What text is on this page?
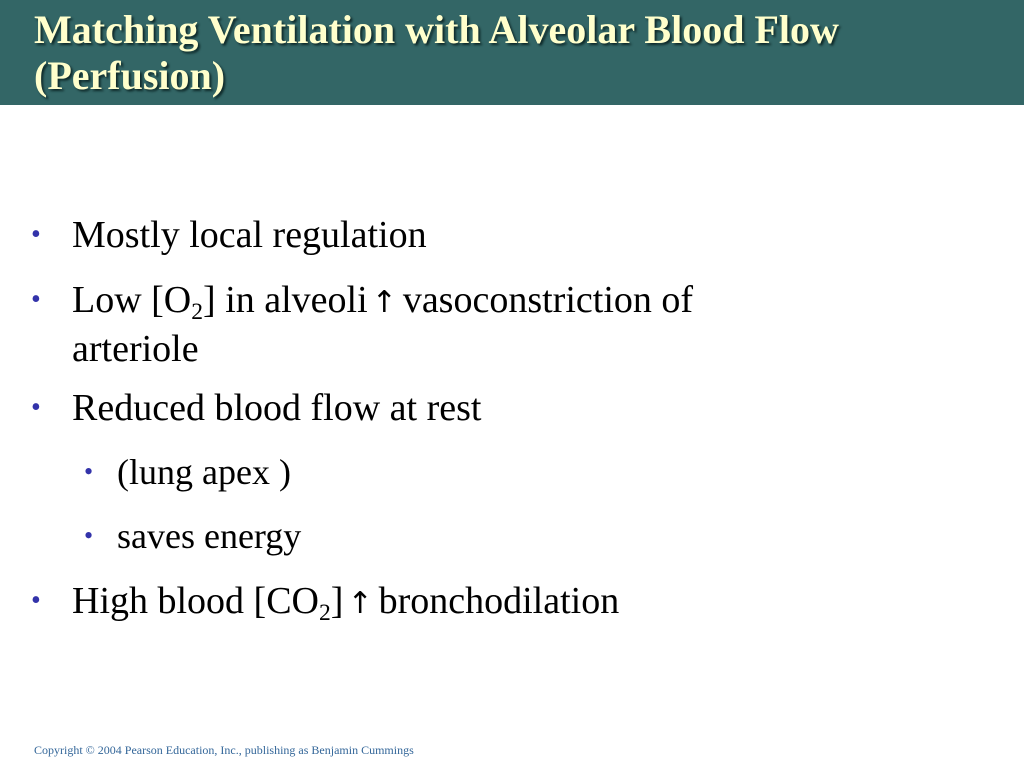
Matching Ventilation with Alveolar Blood Flow (Perfusion)
• Mostly local regulation
• Low [O2] in alveoli ↑ vasoconstriction of
arteriole
• Reduced blood flow at rest
• (lung apex )
• saves energy
• High blood [CO2] ↑ bronchodilation
Copyright © 2004 Pearson Education, Inc., publishing as Benjamin Cummings
